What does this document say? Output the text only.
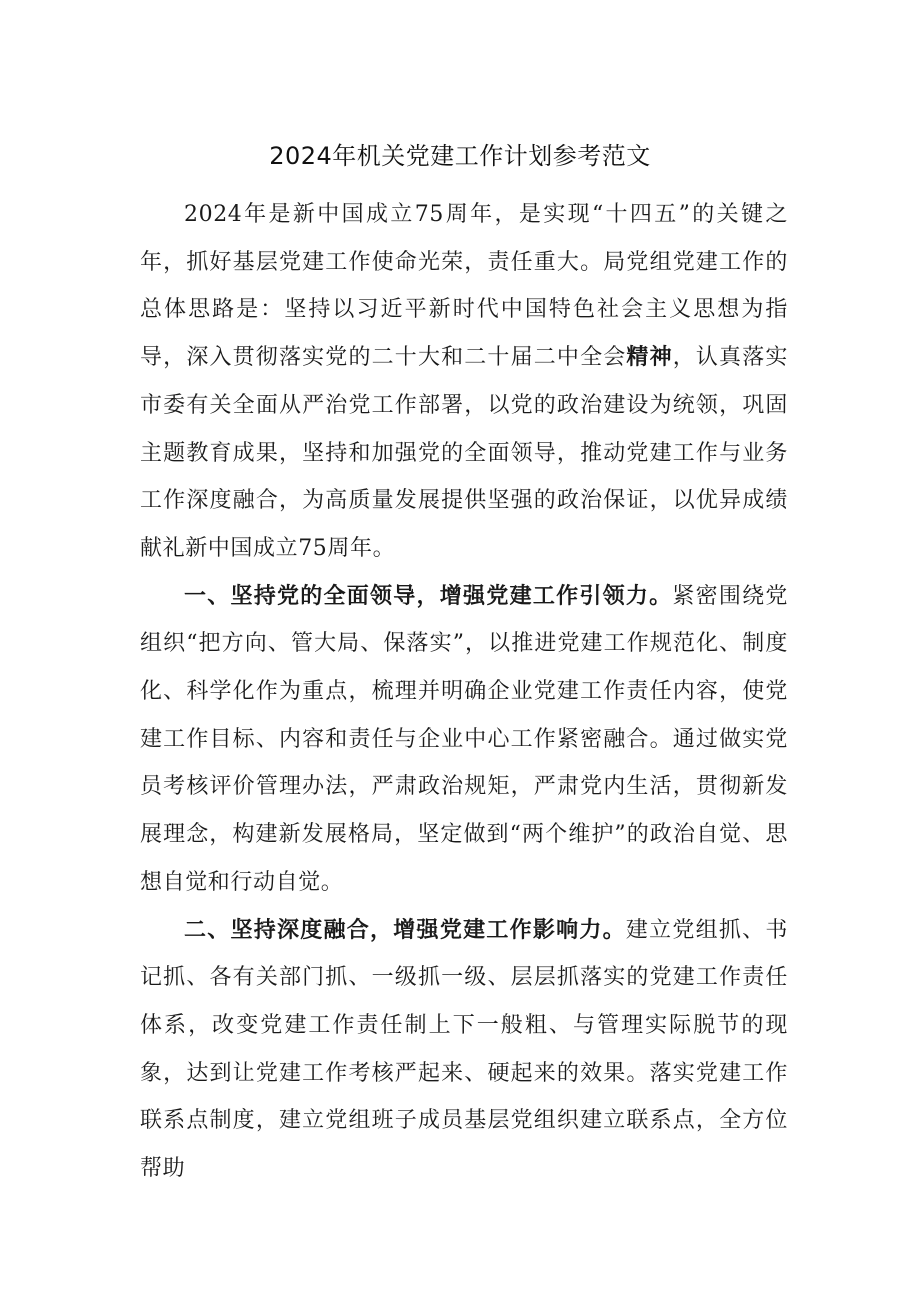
2024年机关党建工作计划参考范文

2024年是新中国成立75周年，是实现“十四五”的关键之年，抓好基层党建工作使命光荣，责任重大。局党组党建工作的总体思路是：坚持以习近平新时代中国特色社会主义思想为指导，深入贯彻落实党的二十大和二十届二中全会精神，认真落实市委有关全面从严治党工作部署，以党的政治建设为统领，巩固主题教育成果，坚持和加强党的全面领导，推动党建工作与业务工作深度融合，为高质量发展提供坚强的政治保证，以优异成绩献礼新中国成立75周年。

一、坚持党的全面领导，增强党建工作引领力。紧密围绕党组织“把方向、管大局、保落实”，以推进党建工作规范化、制度化、科学化作为重点，梳理并明确企业党建工作责任内容，使党建工作目标、内容和责任与企业中心工作紧密融合。通过做实党员考核评价管理办法，严肃政治规矩，严肃党内生活，贯彻新发展理念，构建新发展格局，坚定做到“两个维护”的政治自觉、思想自觉和行动自觉。

二、坚持深度融合，增强党建工作影响力。建立党组抓、书记抓、各有关部门抓、一级抓一级、层层抓落实的党建工作责任体系，改变党建工作责任制上下一般粗、与管理实际脱节的现象，达到让党建工作考核严起来、硬起来的效果。落实党建工作联系点制度，建立党组班子成员基层党组织建立联系点，全方位帮助
